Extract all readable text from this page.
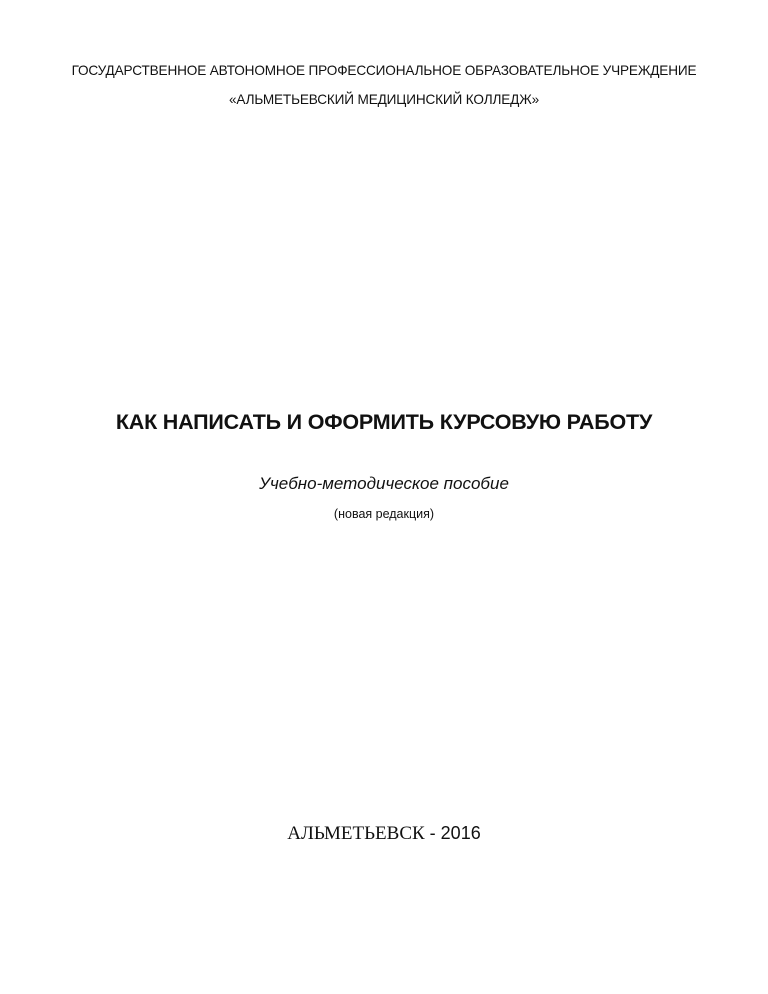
ГОСУДАРСТВЕННОЕ АВТОНОМНОЕ ПРОФЕССИОНАЛЬНОЕ ОБРАЗОВАТЕЛЬНОЕ УЧРЕЖДЕНИЕ
«АЛЬМЕТЬЕВСКИЙ МЕДИЦИНСКИЙ КОЛЛЕДЖ»
КАК НАПИСАТЬ И ОФОРМИТЬ КУРСОВУЮ РАБОТУ
Учебно-методическое пособие
(новая редакция)
АЛЬМЕТЬЕВСК - 2016
